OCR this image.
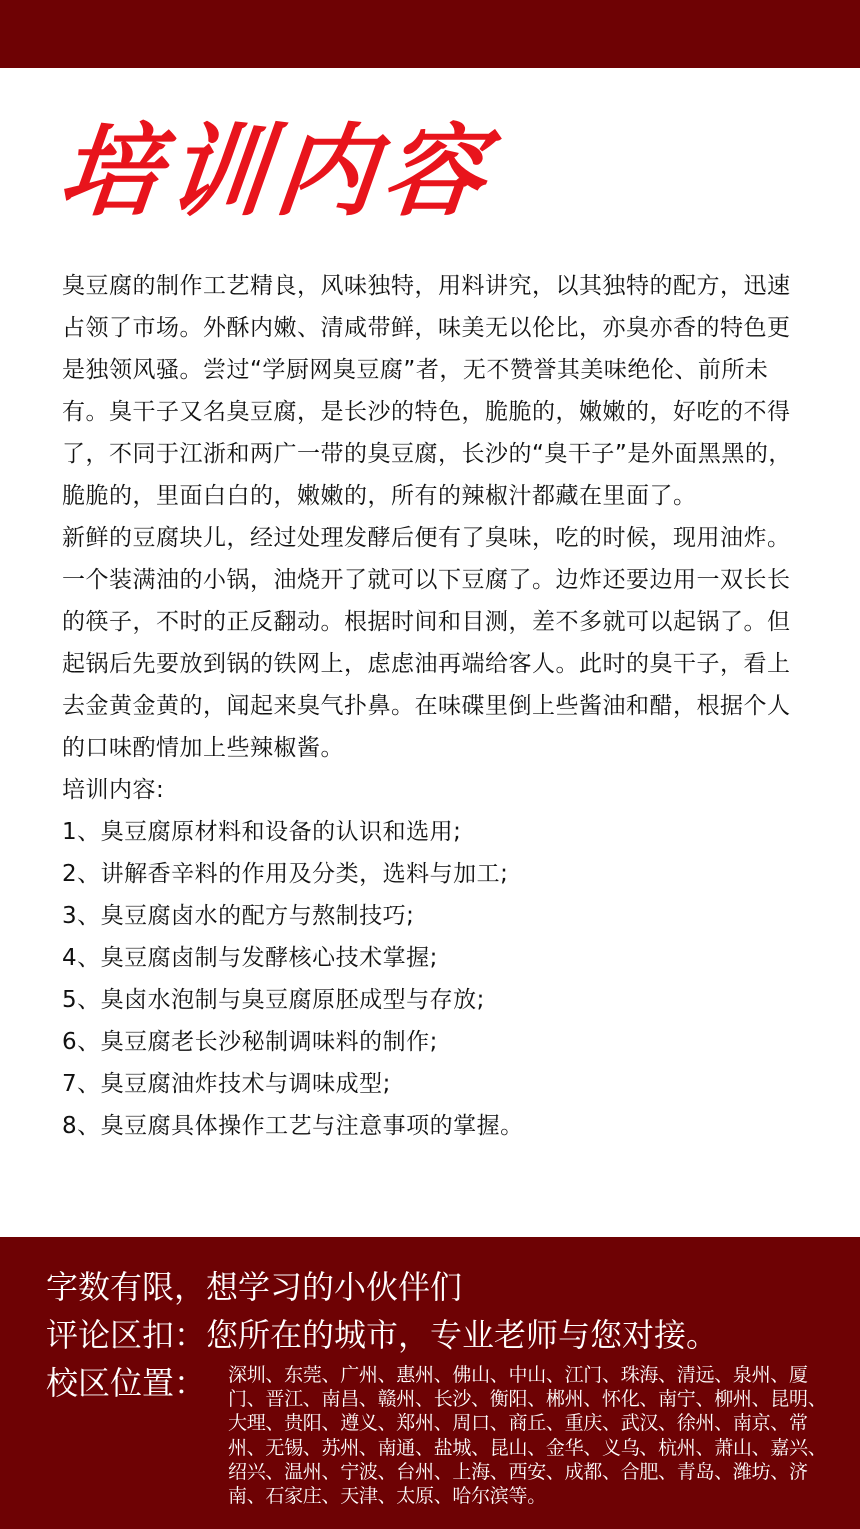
培训内容

臭豆腐的制作工艺精良，风味独特，用料讲究，以其独特的配方，迅速占领了市场。外酥内嫩、清咸带鲜，味美无以伦比，亦臭亦香的特色更是独领风骚。尝过“学厨网臭豆腐”者，无不赞誉其美味绝伦、前所未有。臭干子又名臭豆腐，是长沙的特色，脆脆的，嫩嫩的，好吃的不得了，不同于江浙和两广一带的臭豆腐，长沙的“臭干子”是外面黑黑的，脆脆的，里面白白的，嫩嫩的，所有的辣椒汁都藏在里面了。

新鲜的豆腐块儿，经过处理发酵后便有了臭味，吃的时候，现用油炸。一个装满油的小锅，油烧开了就可以下豆腐了。边炸还要边用一双长长的筷子，不时的正反翻动。根据时间和目测，差不多就可以起锅了。但起锅后先要放到锅的铁网上，虑虑油再端给客人。此时的臭干子，看上去金黄金黄的，闻起来臭气扑鼻。在味碟里倒上些酱油和醋，根据个人的口味酌情加上些辣椒酱。

培训内容:
1、臭豆腐原材料和设备的认识和选用;
2、讲解香辛料的作用及分类，选料与加工;
3、臭豆腐卤水的配方与熬制技巧;
4、臭豆腐卤制与发酵核心技术掌握;
5、臭卤水泡制与臭豆腐原胚成型与存放;
6、臭豆腐老长沙秘制调味料的制作;
7、臭豆腐油炸技术与调味成型;
8、臭豆腐具体操作工艺与注意事项的掌握。
字数有限，想学习的小伙伴们
评论区扣：您所在的城市，专业老师与您对接。
校区位置： 深圳、东莞、广州、惠州、佛山、中山、江门、珠海、清远、泉州、厦门、晋江、南昌、赣州、长沙、衡阳、郴州、怀化、南宁、柳州、昆明、大理、贵阳、遵义、郑州、周口、商丘、重庆、武汉、徐州、南京、常州、无锡、苏州、南通、盐城、昆山、金华、义乌、杭州、萧山、嘉兴、绍兴、温州、宁波、台州、上海、西安、成都、合肥、青岛、潍坊、济南、石家庄、天津、太原、哈尔滨等。
